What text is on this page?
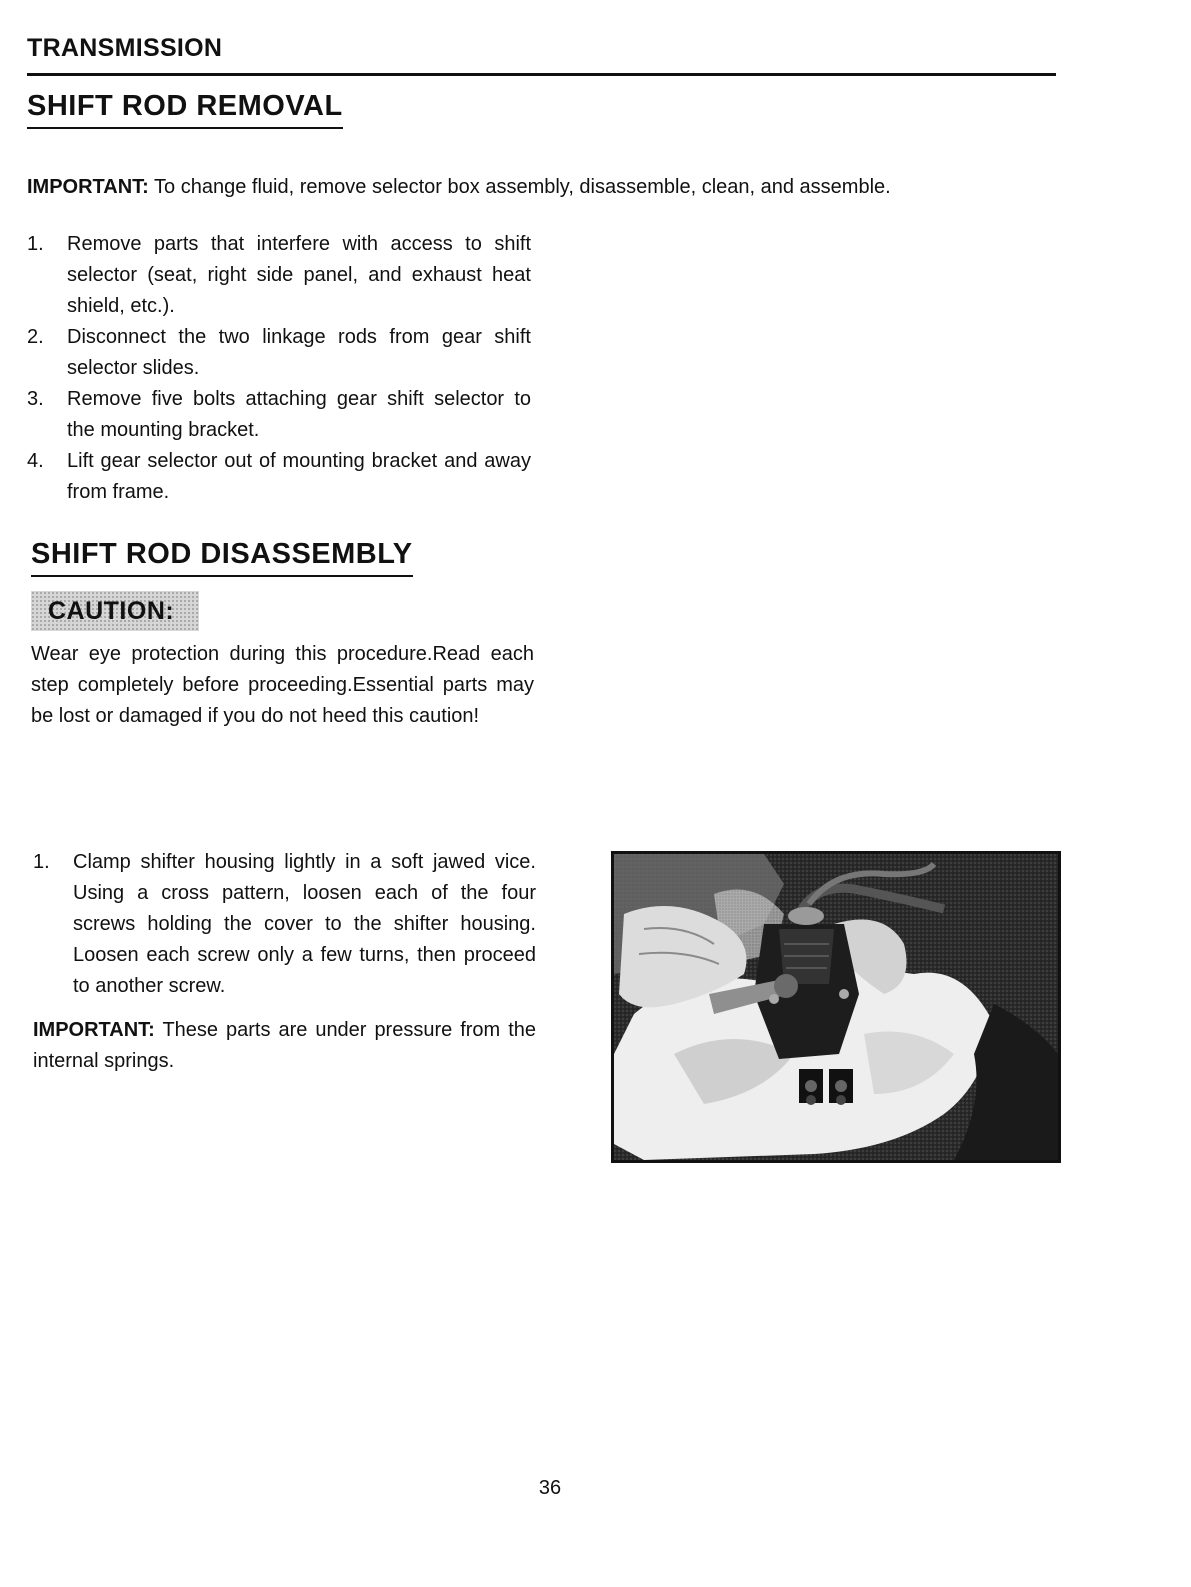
TRANSMISSION
SHIFT ROD REMOVAL
IMPORTANT: To change fluid, remove selector box assembly, disassemble, clean, and assemble.
1. Remove parts that interfere with access to shift selector (seat, right side panel, and exhaust heat shield, etc.).
2. Disconnect the two linkage rods from gear shift selector slides.
3. Remove five bolts attaching gear shift selector to the mounting bracket.
4. Lift gear selector out of mounting bracket and away from frame.
SHIFT ROD DISASSEMBLY
CAUTION:
Wear eye protection during this procedure.Read each step completely before proceeding.Essential parts may be lost or damaged if you do not heed this caution!
1. Clamp shifter housing lightly in a soft jawed vice. Using a cross pattern, loosen each of the four screws holding the cover to the shifter housing. Loosen each screw only a few turns, then proceed to another screw.
IMPORTANT: These parts are under pressure from the internal springs.
36
